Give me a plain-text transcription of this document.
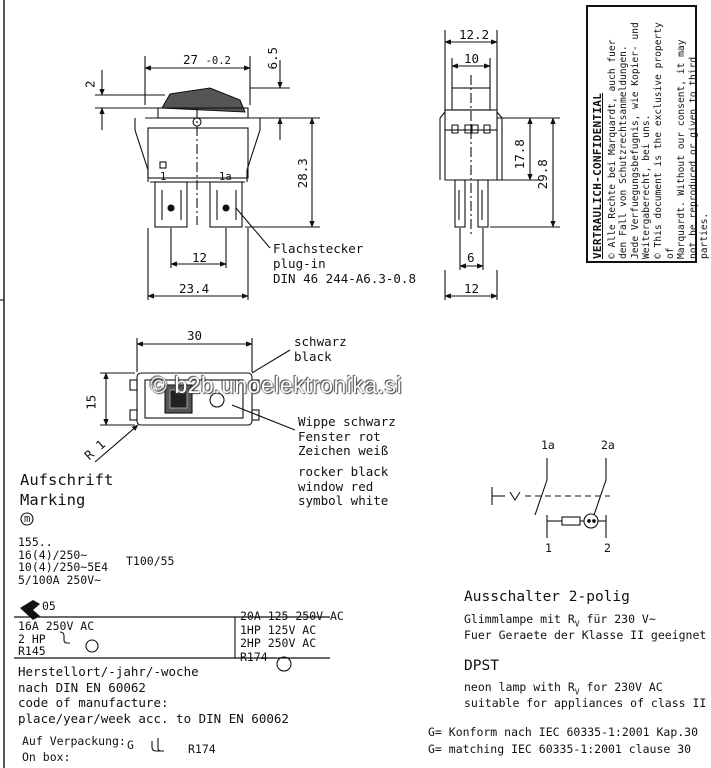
27 -0.2
2
6.5
28.3
12
23.4
12.2
10
17.8
29.8
6
12
30
15
R 1
1	1a
Flachstecker
plug-in
DIN 46 244-A6.3-0.8
schwarz
black
Wippe schwarz
Fenster rot
Zeichen weiß
rocker black
window red
symbol white
© b2b.unoelektronika.si
VERTRAULICH-CONFIDENTIAL © Alle Rechte bei Marquardt, auch fuer den Fall von Schutzrechtsanmeldungen. Jede Verfuegungsbefugnis, wie Kopier- und Weitergaberecht, bei uns. © This document is the exclusive property of Marquardt. Without our consent, it may not be reproduced or given to third parties.
Aufschrift
Marking
m
155..
16(4)/250~
10(4)/250~5E4
5/100A 250V~
T100/55
05
16A 250V AC
2 HP
R145
20A 125-250V AC
1HP 125V AC
2HP 250V AC
R174
Herstellort/-jahr/-woche
nach DIN EN 60062
code of manufacture:
place/year/week acc. to DIN EN 60062
Auf Verpackung: G
On box:
R174
1a	2a
1	2
Ausschalter 2-polig
Glimmlampe mit $R_V$ für 230 V~
Fuer Geraete der Klasse II geeignet
DPST
neon lamp with $R_V$ for 230V AC
suitable for appliances of class II
G= Konform nach IEC 60335-1:2001 Kap.30
G= matching IEC 60335-1:2001 clause 30
